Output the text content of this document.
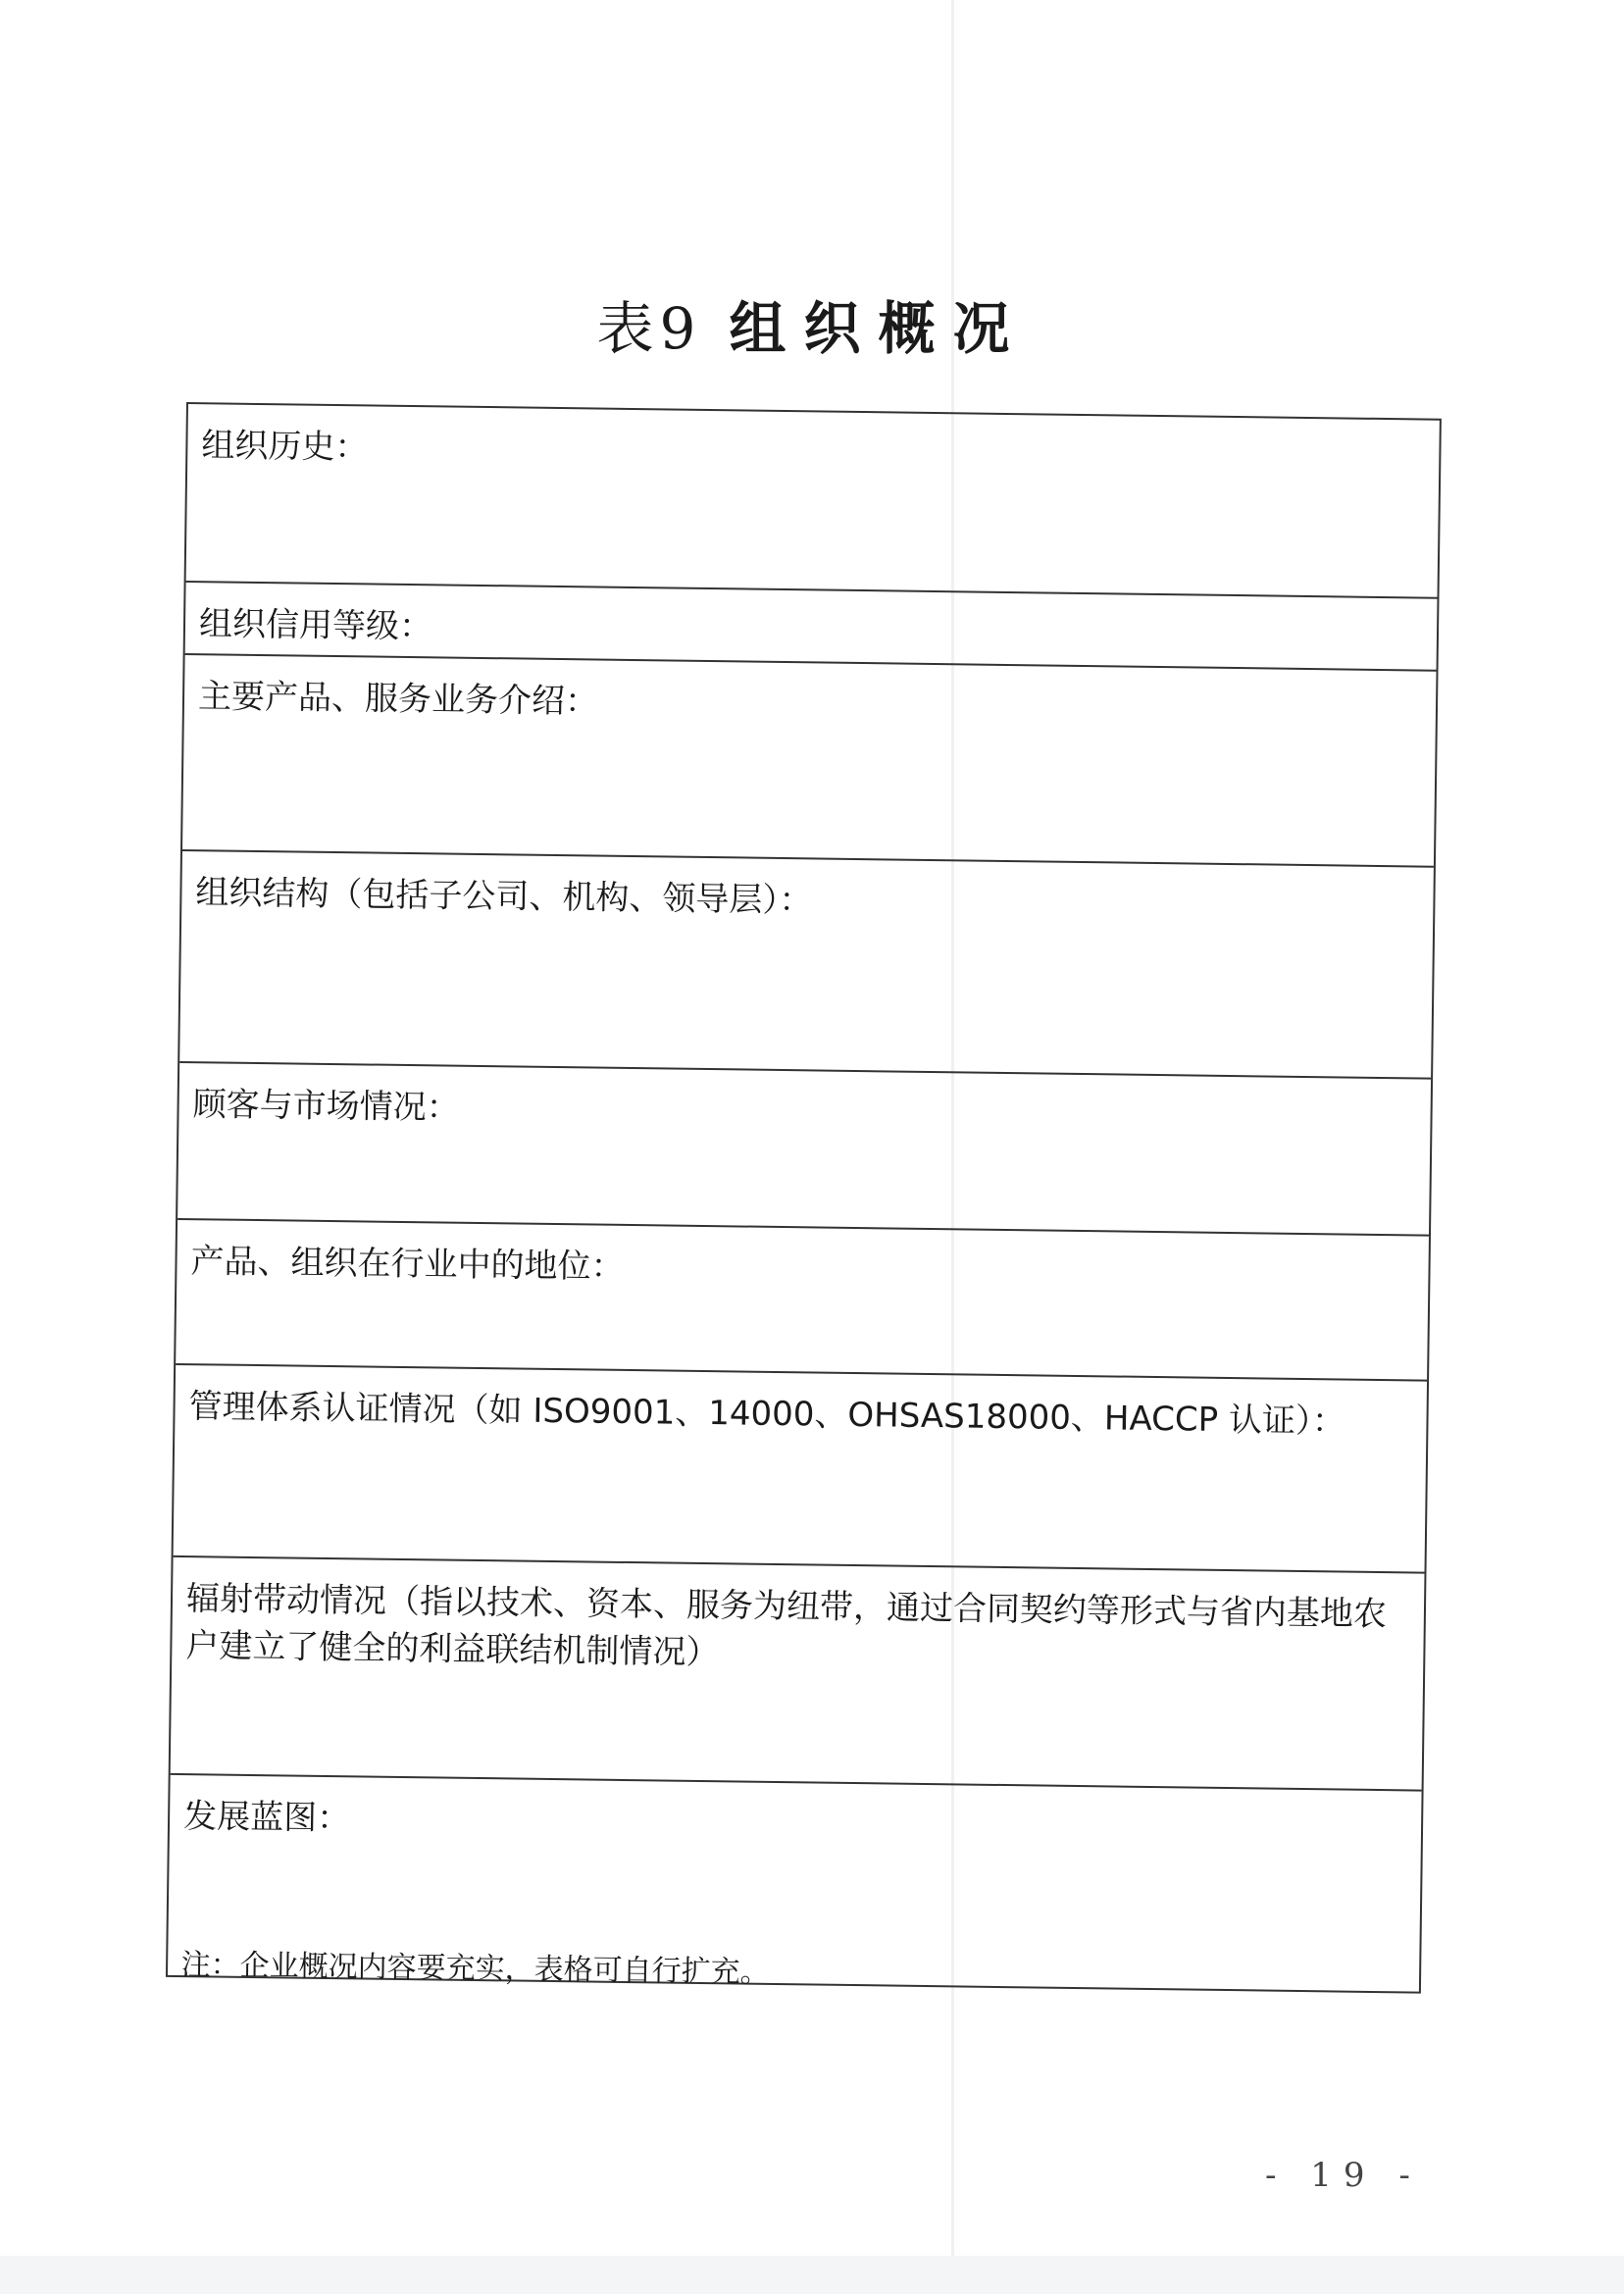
表9 组织概况
组织历史：
组织信用等级：
主要产品、服务业务介绍：
组织结构（包括子公司、机构、领导层）：
顾客与市场情况：
产品、组织在行业中的地位：
管理体系认证情况（如 ISO9001、14000、OHSAS18000、HACCP 认证）：
辐射带动情况（指以技术、资本、服务为纽带，通过合同契约等形式与省内基地农户建立了健全的利益联结机制情况）
发展蓝图：
注：企业概况内容要充实，表格可自行扩充。
- 19 -
